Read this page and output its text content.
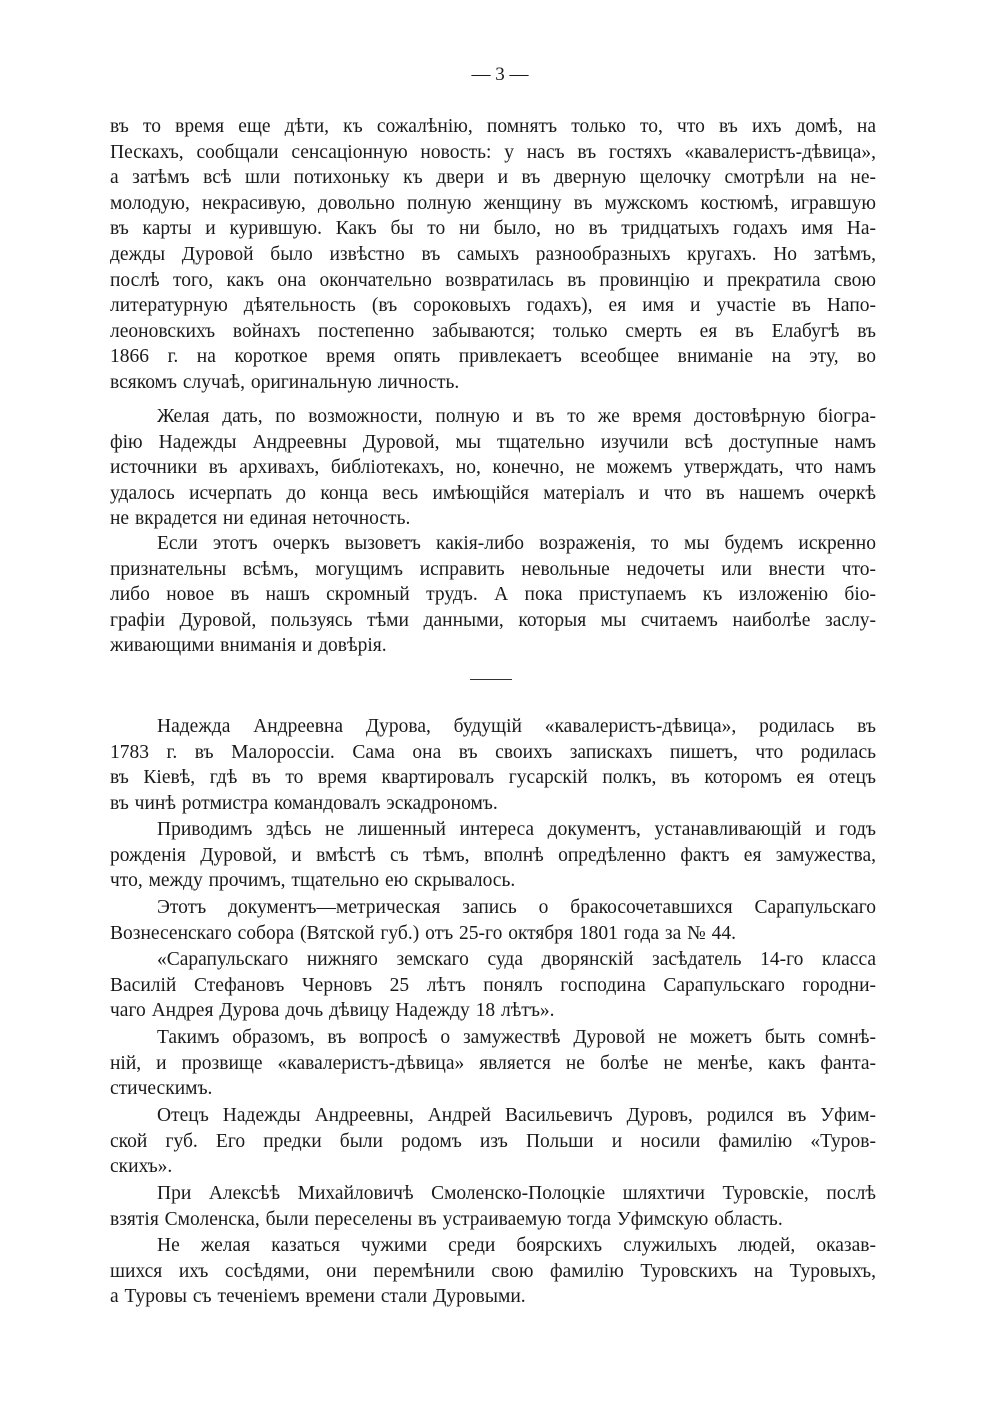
— 3 —
въ то время еще дѣти, къ сожалѣнію, помнятъ только то, что въ ихъ домѣ, на
Пескахъ, сообщали сенсаціонную новость: у насъ въ гостяхъ «кавалеристъ-дѣвица»,
а затѣмъ всѣ шли потихоньку къ двери и въ дверную щелочку смотрѣли на не-
молодую, некрасивую, довольно полную женщину въ мужскомъ костюмѣ, игравшую
въ карты и курившую. Какъ бы то ни было, но въ тридцатыхъ годахъ имя На-
дежды Дуровой было извѣстно въ самыхъ разнообразныхъ кругахъ. Но затѣмъ,
послѣ того, какъ она окончательно возвратилась въ провинцію и прекратила свою
литературную дѣятельность (въ сороковыхъ годахъ), ея имя и участіе въ Напо-
леоновскихъ войнахъ постепенно забываются; только смерть ея въ Елабугѣ въ
1866 г. на короткое время опять привлекаетъ всеобщее вниманіе на эту, во
всякомъ случаѣ, оригинальную личность.
Желая дать, по возможности, полную и въ то же время достовѣрную біогра-
фію Надежды Андреевны Дуровой, мы тщательно изучили всѣ доступные намъ
источники въ архивахъ, библіотекахъ, но, конечно, не можемъ утверждать, что намъ
удалось исчерпать до конца весь имѣющійся матеріалъ и что въ нашемъ очеркѣ
не вкрадется ни единая неточность.
Если этотъ очеркъ вызоветъ какія-либо возраженія, то мы будемъ искренно
признательны всѣмъ, могущимъ исправить невольные недочеты или внести что-
либо новое въ нашъ скромный трудъ. А пока приступаемъ къ изложенію біо-
графіи Дуровой, пользуясь тѣми данными, которыя мы считаемъ наиболѣе заслу-
живающими вниманія и довѣрія.
Надежда Андреевна Дурова, будущій «кавалеристъ-дѣвица», родилась въ
1783 г. въ Малороссіи. Сама она въ своихъ запискахъ пишетъ, что родилась
въ Кіевѣ, гдѣ въ то время квартировалъ гусарскій полкъ, въ которомъ ея отецъ
въ чинѣ ротмистра командовалъ эскадрономъ.
Приводимъ здѣсь не лишенный интереса документъ, устанавливающій и годъ
рожденія Дуровой, и вмѣстѣ съ тѣмъ, вполнѣ опредѣленно фактъ ея замужества,
что, между прочимъ, тщательно ею скрывалось.
Этотъ документъ—метрическая запись о бракосочетавшихся Сарапульскаго
Вознесенскаго собора (Вятской губ.) отъ 25-го октября 1801 года за № 44.
«Сарапульскаго нижняго земскаго суда дворянскій засѣдатель 14-го класса
Василій Стефановъ Черновъ 25 лѣтъ понялъ господина Сарапульскаго городни-
чаго Андрея Дурова дочь дѣвицу Надежду 18 лѣтъ».
Такимъ образомъ, въ вопросѣ о замужествѣ Дуровой не можетъ быть сомнѣ-
ній, и прозвище «кавалеристъ-дѣвица» является не болѣе не менѣе, какъ фанта-
стическимъ.
Отецъ Надежды Андреевны, Андрей Васильевичъ Дуровъ, родился въ Уфим-
ской губ. Его предки были родомъ изъ Польши и носили фамилію «Туров-
скихъ».
При Алексѣѣ Михайловичѣ Смоленско-Полоцкіе шляхтичи Туровскіе, послѣ
взятія Смоленска, были переселены въ устраиваемую тогда Уфимскую область.
Не желая казаться чужими среди боярскихъ служилыхъ людей, оказав-
шихся ихъ сосѣдями, они перемѣнили свою фамилію Туровскихъ на Туровыхъ,
а Туровы съ теченіемъ времени стали Дуровыми.
